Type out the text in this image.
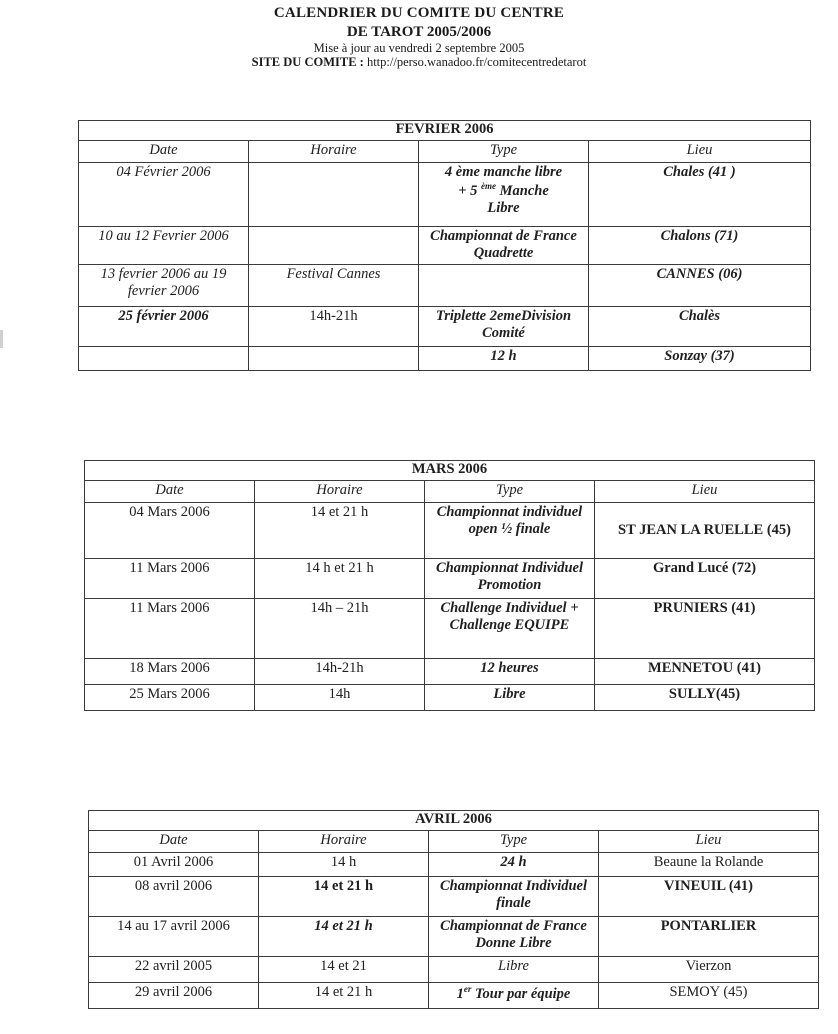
CALENDRIER DU COMITE DU CENTRE
DE TAROT 2005/2006
Mise à jour au vendredi 2 septembre 2005
SITE DU COMITE : http://perso.wanadoo.fr/comitecentredetarot
FEVRIER 2006			
Date	Horaire	Type	Lieu
04 Février 2006		4 ème manche libre
+ 5 $^{ème}$ Manche
Libre	Chales (41 )
10 au 12 Fevrier 2006		Championnat de France Quadrette	Chalons (71)
13 fevrier 2006 au 19 fevrier 2006	Festival Cannes		CANNES (06)
25 février 2006	14h-21h	Triplette 2emeDivision Comité	Chalès
		12 h	Sonzay (37)
MARS 2006			
Date	Horaire	Type	Lieu
04 Mars 2006	14 et 21 h	Championnat individuel open ½ finale	ST JEAN LA RUELLE (45)
11 Mars 2006	14 h et 21 h	Championnat Individuel Promotion	Grand Lucé (72)
11 Mars 2006	14h – 21h	Challenge Individuel + Challenge EQUIPE	PRUNIERS (41)
18 Mars 2006	14h-21h	12 heures	MENNETOU (41)
25 Mars 2006	14h	Libre	SULLY(45)
AVRIL 2006			
Date	Horaire	Type	Lieu
01 Avril 2006	14 h	24 h	Beaune la Rolande
08 avril 2006	14 et 21 h	Championnat Individuel finale	VINEUIL (41)
14 au 17 avril 2006	14 et 21 h	Championnat de France Donne Libre	PONTARLIER
22 avril 2005	14 et 21	Libre	Vierzon
29 avril 2006	14 et 21 h	1er Tour par équipe	SEMOY (45)
